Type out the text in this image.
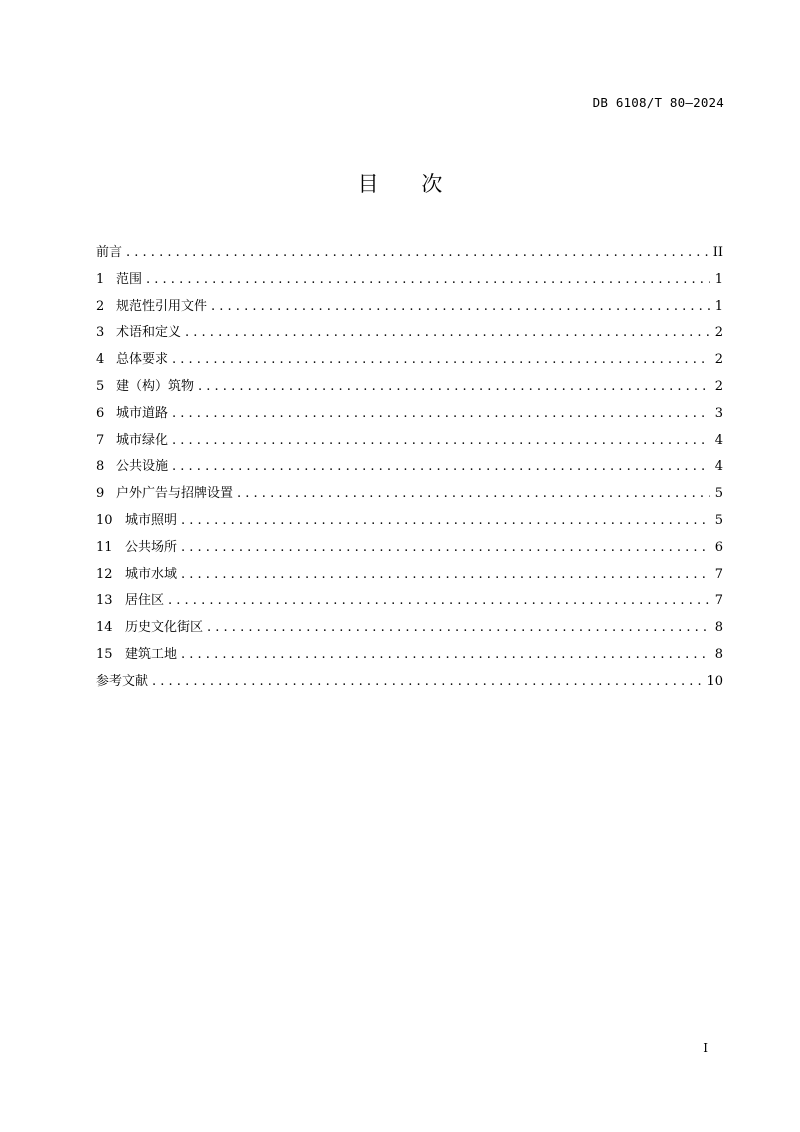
DB 6108/T 80—2024
目 次
前言 . . .	II
1 范围 . . .	1
2 规范性引用文件 . . .	1
3 术语和定义 . . .	2
4 总体要求 . . .	2
5 建（构）筑物 . . .	2
6 城市道路 . . .	3
7 城市绿化 . . .	4
8 公共设施 . . .	4
9 户外广告与招牌设置 . . .	5
10 城市照明 . . .	5
11 公共场所 . . .	6
12 城市水域 . . .	7
13 居住区 . . .	7
14 历史文化街区 . . .	8
15 建筑工地 . . .	8
参考文献 . . .	10
I
